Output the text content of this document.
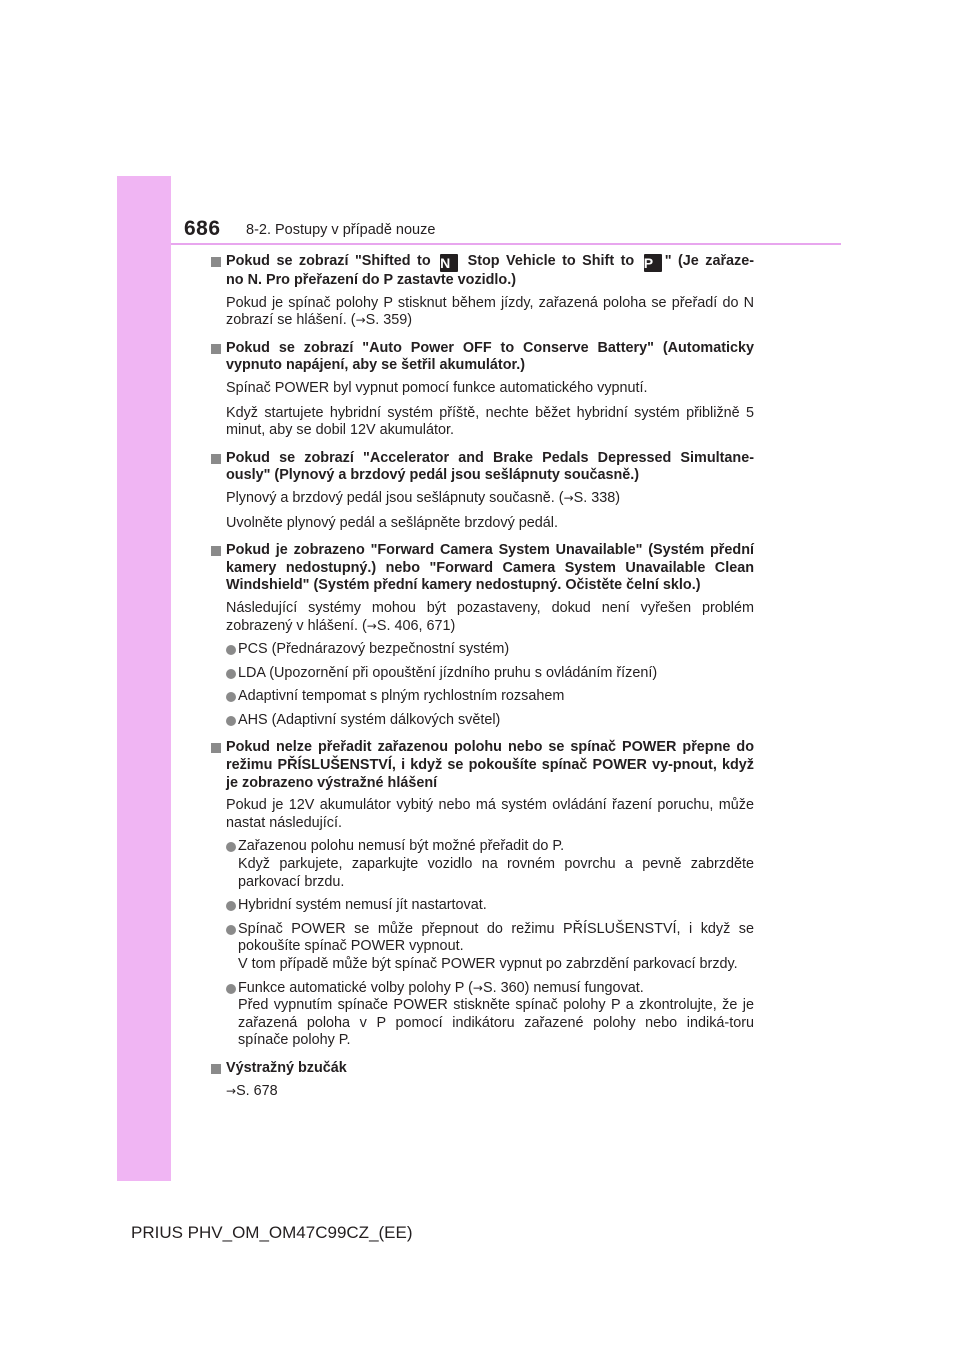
686 8-2. Postupy v případě nouze
Pokud se zobrazí "Shifted to N Stop Vehicle to Shift to P " (Je zařaze-
no N. Pro přeřazení do P zastavte vozidlo.)
Pokud je spínač polohy P stisknut během jízdy, zařazená poloha se přeřadí do N zobrazí se hlášení. (→S. 359)
Pokud se zobrazí "Auto Power OFF to Conserve Battery" (Automaticky vypnuto napájení, aby se šetřil akumulátor.)
Spínač POWER byl vypnut pomocí funkce automatického vypnutí.
Když startujete hybridní systém příště, nechte běžet hybridní systém přibližně 5 minut, aby se dobil 12V akumulátor.
Pokud se zobrazí "Accelerator and Brake Pedals Depressed Simultane-ously" (Plynový a brzdový pedál jsou sešlápnuty současně.)
Plynový a brzdový pedál jsou sešlápnuty současně. (→S. 338)
Uvolněte plynový pedál a sešlápněte brzdový pedál.
Pokud je zobrazeno "Forward Camera System Unavailable" (Systém přední kamery nedostupný.) nebo "Forward Camera System Unavailable Clean Windshield" (Systém přední kamery nedostupný. Očistěte čelní sklo.)
Následující systémy mohou být pozastaveny, dokud není vyřešen problém zobrazený v hlášení. (→S. 406, 671)
PCS (Přednárazový bezpečnostní systém)
LDA (Upozornění při opouštění jízdního pruhu s ovládáním řízení)
Adaptivní tempomat s plným rychlostním rozsahem
AHS (Adaptivní systém dálkových světel)
Pokud nelze přeřadit zařazenou polohu nebo se spínač POWER přepne do režimu PŘÍSLUŠENSTVÍ, i když se pokoušíte spínač POWER vy-pnout, když je zobrazeno výstražné hlášení
Pokud je 12V akumulátor vybitý nebo má systém ovládání řazení poruchu, může nastat následující.
Zařazenou polohu nemusí být možné přeřadit do P.
Když parkujete, zaparkujte vozidlo na rovném povrchu a pevně zabrzděte parkovací brzdu.
Hybridní systém nemusí jít nastartovat.
Spínač POWER se může přepnout do režimu PŘÍSLUŠENSTVÍ, i když se pokoušíte spínač POWER vypnout.
V tom případě může být spínač POWER vypnut po zabrzdění parkovací brzdy.
Funkce automatické volby polohy P (→S. 360) nemusí fungovat.
Před vypnutím spínače POWER stiskněte spínač polohy P a zkontrolujte, že je zařazená poloha v P pomocí indikátoru zařazené polohy nebo indiká-toru spínače polohy P.
Výstražný bzučák
→S. 678
PRIUS PHV_OM_OM47C99CZ_(EE)
